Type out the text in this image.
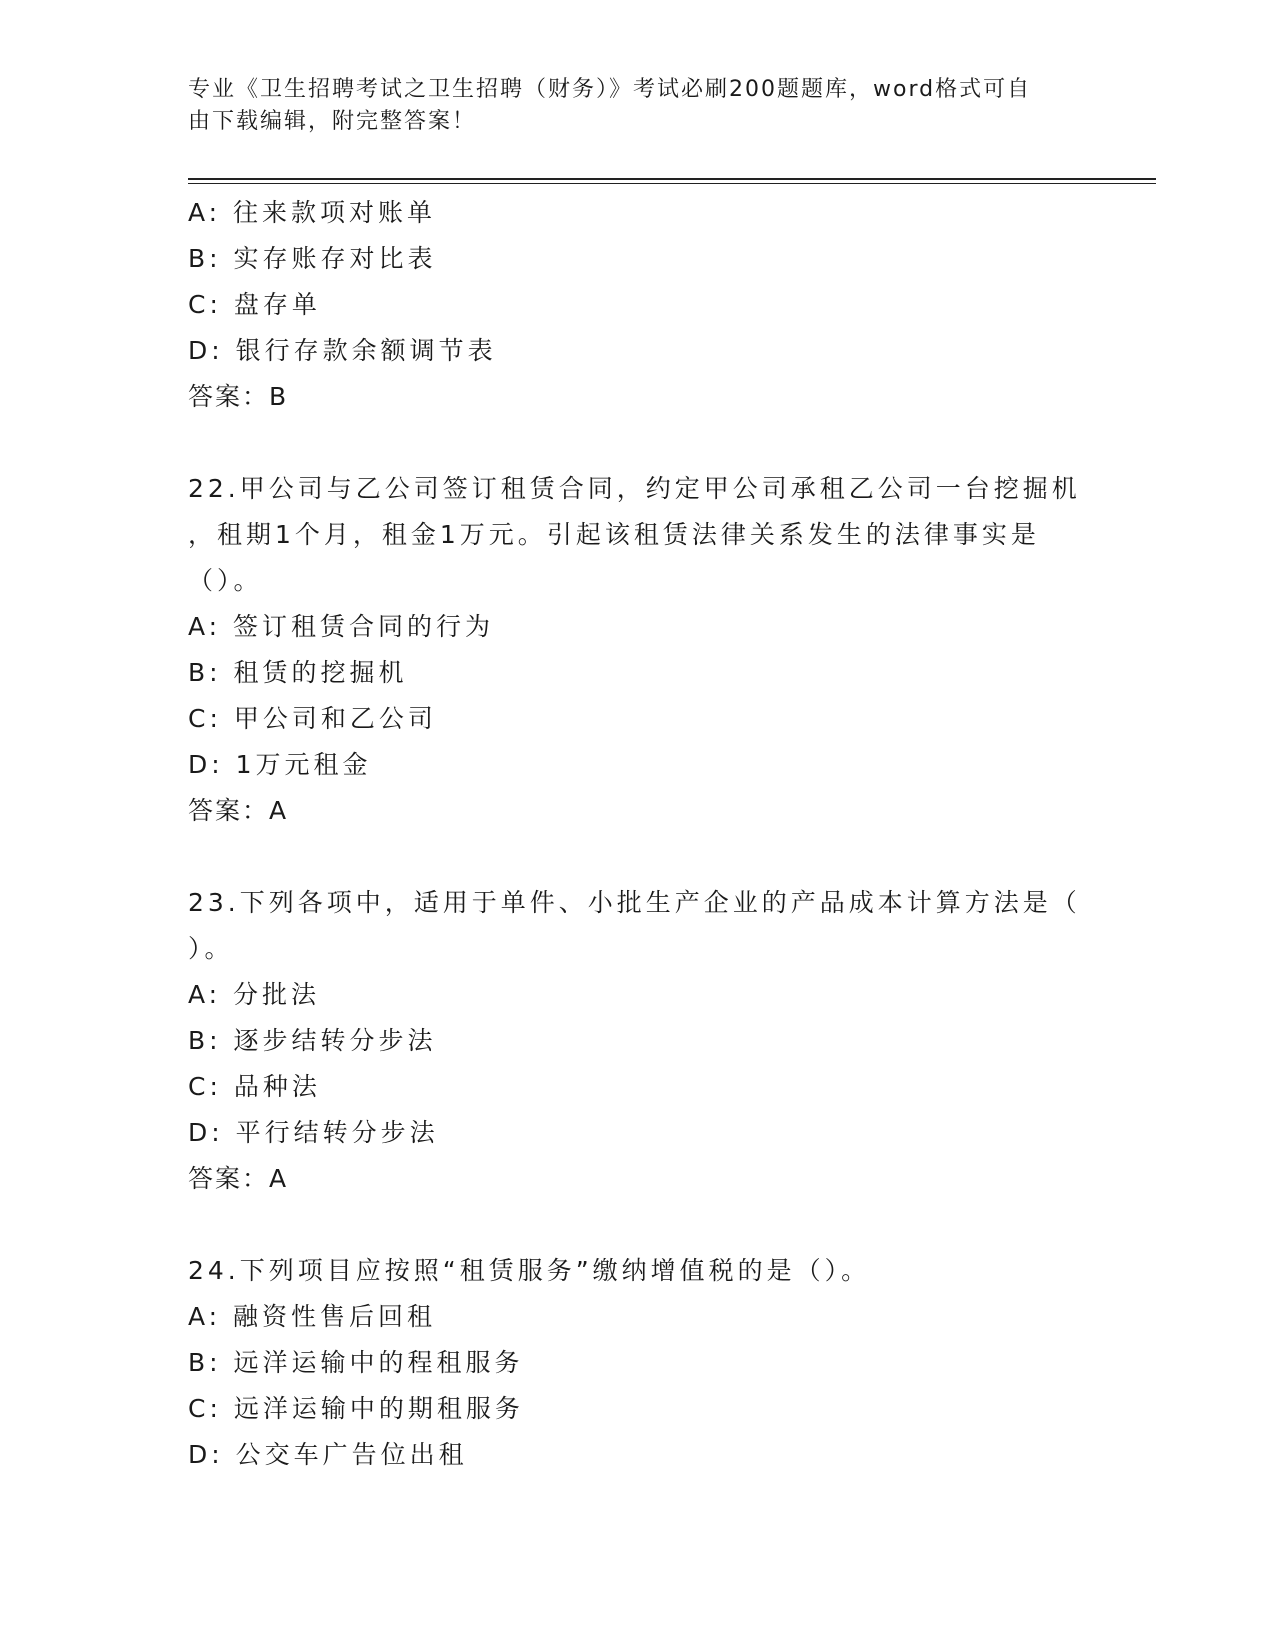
专业《卫生招聘考试之卫生招聘（财务）》考试必刷200题题库，word格式可自
由下载编辑，附完整答案！
A: 往来款项对账单
B: 实存账存对比表
C: 盘存单
D: 银行存款余额调节表
答案：B
22.甲公司与乙公司签订租赁合同，约定甲公司承租乙公司一台挖掘机
，租期1个月，租金1万元。引起该租赁法律关系发生的法律事实是
（）。
A: 签订租赁合同的行为
B: 租赁的挖掘机
C: 甲公司和乙公司
D: 1万元租金
答案：A
23.下列各项中，适用于单件、小批生产企业的产品成本计算方法是（
）。
A: 分批法
B: 逐步结转分步法
C: 品种法
D: 平行结转分步法
答案：A
24.下列项目应按照“租赁服务”缴纳增值税的是（）。
A: 融资性售后回租
B: 远洋运输中的程租服务
C: 远洋运输中的期租服务
D: 公交车广告位出租
